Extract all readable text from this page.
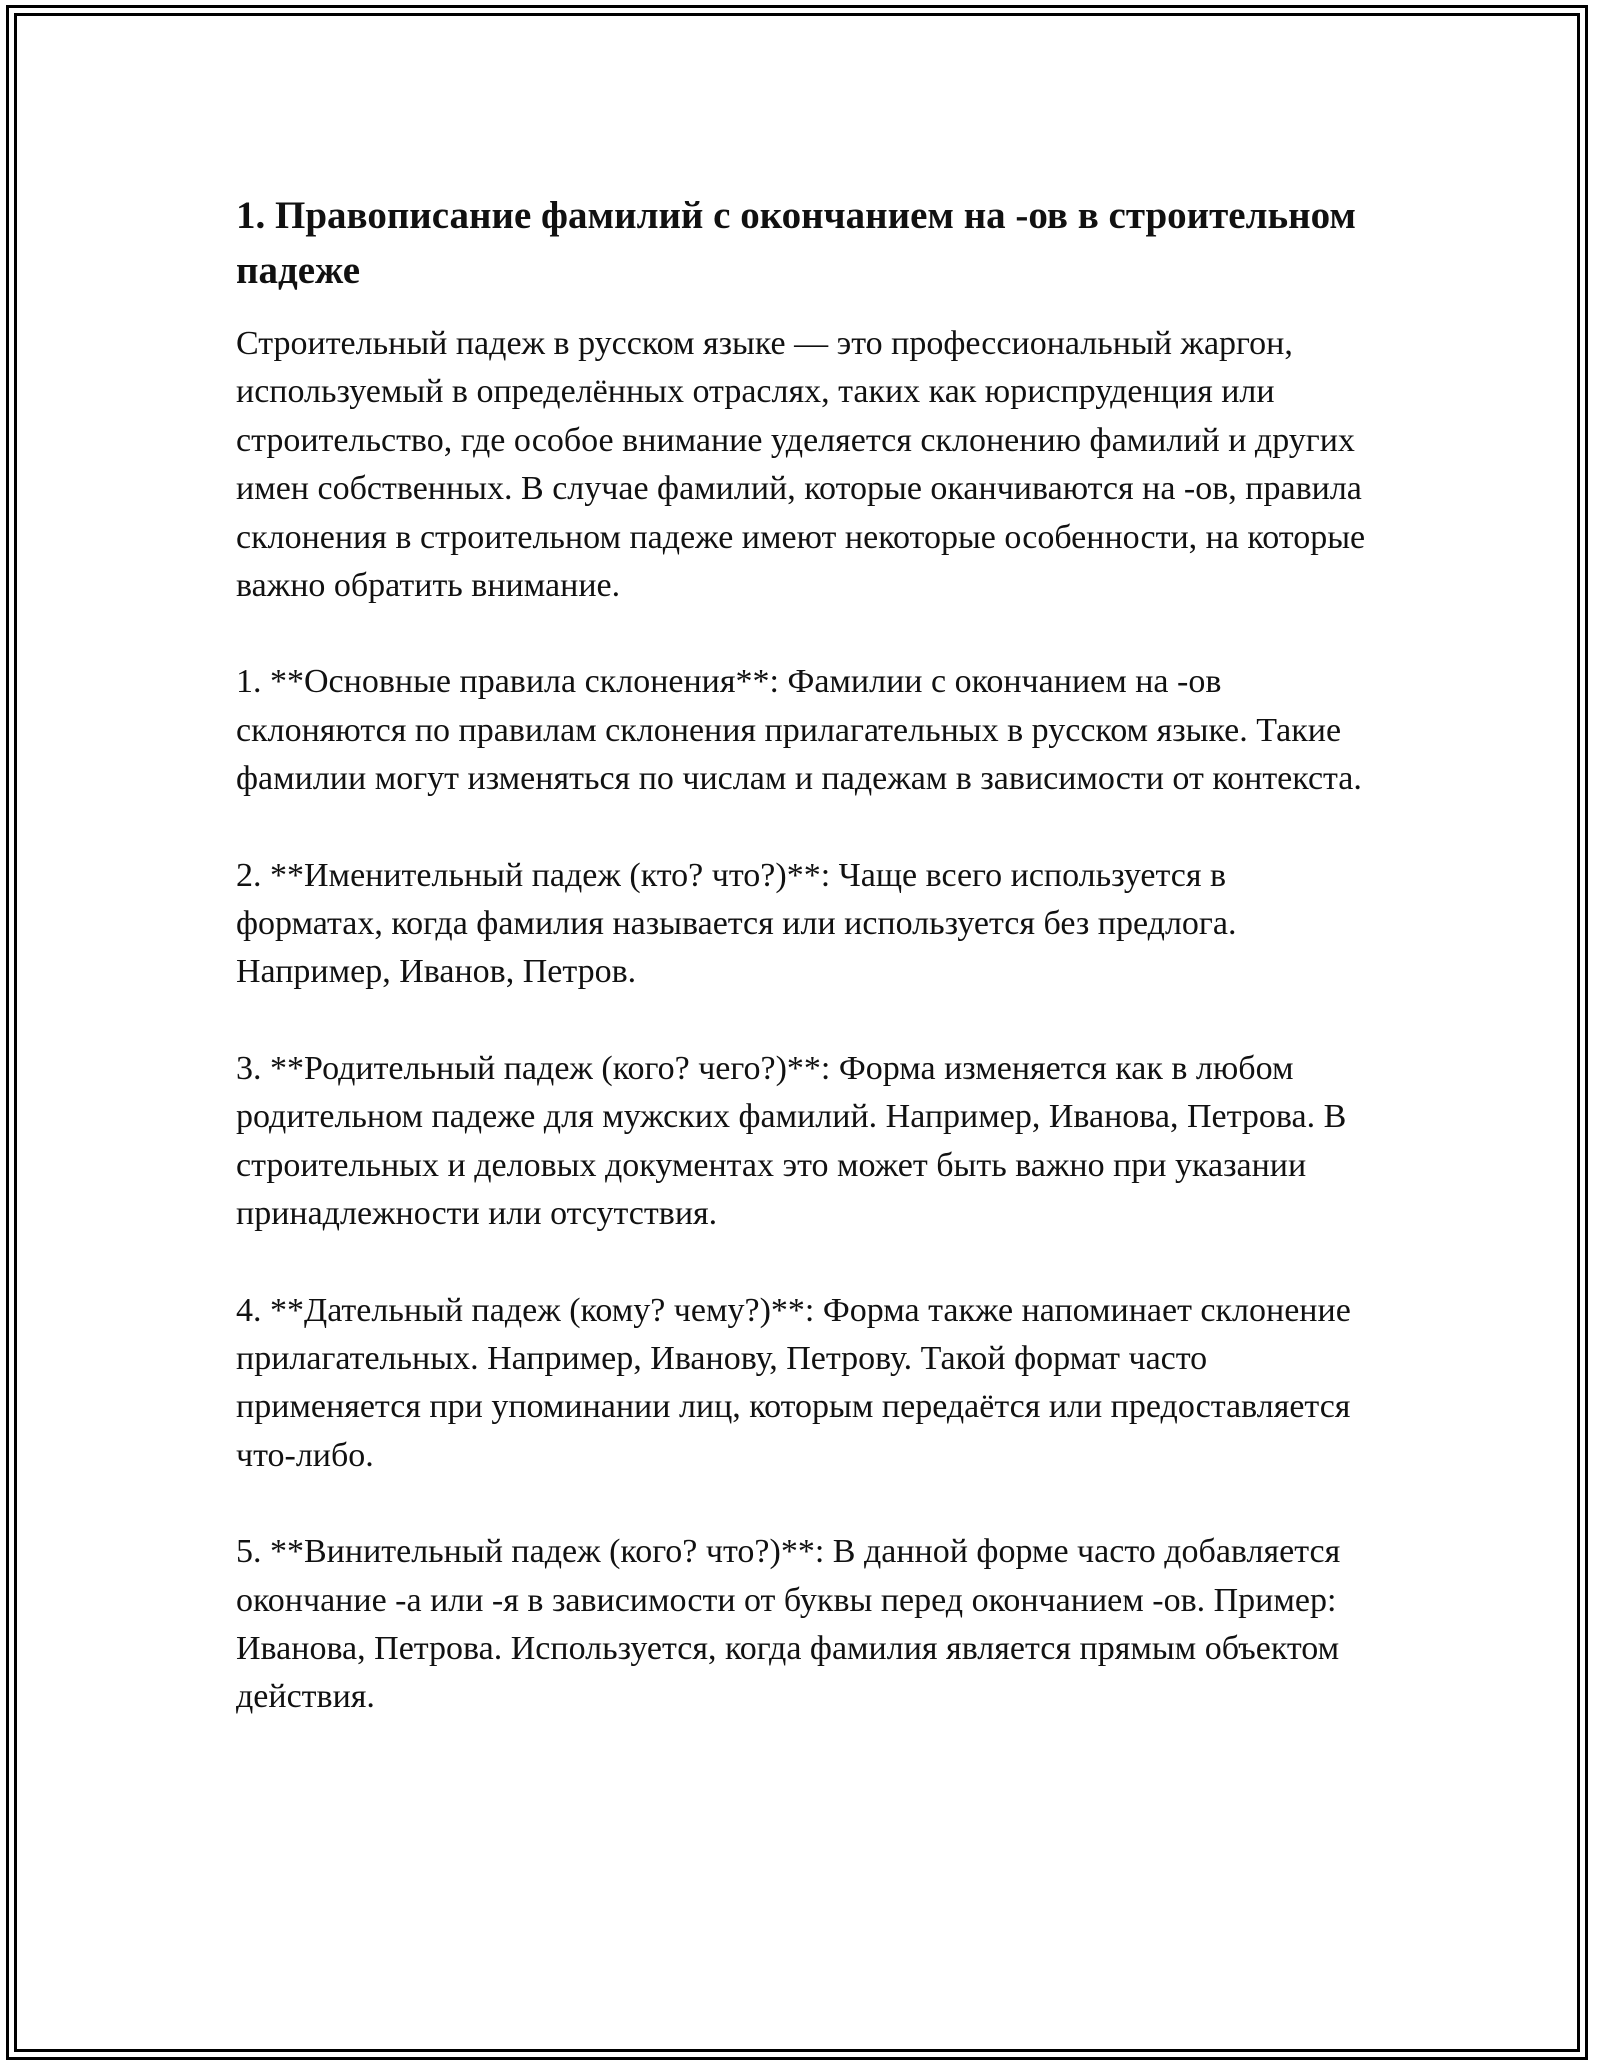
1. Правописание фамилий с окончанием на -ов в строительном падеже

Строительный падеж в русском языке — это профессиональный жаргон, используемый в определённых отраслях, таких как юриспруденция или строительство, где особое внимание уделяется склонению фамилий и других имен собственных. В случае фамилий, которые оканчиваются на -ов, правила склонения в строительном падеже имеют некоторые особенности, на которые важно обратить внимание.

1. **Основные правила склонения**: Фамилии с окончанием на -ов склоняются по правилам склонения прилагательных в русском языке. Такие фамилии могут изменяться по числам и падежам в зависимости от контекста.

2. **Именительный падеж (кто? что?)**: Чаще всего используется в форматах, когда фамилия называется или используется без предлога. Например, Иванов, Петров.

3. **Родительный падеж (кого? чего?)**: Форма изменяется как в любом родительном падеже для мужских фамилий. Например, Иванова, Петрова. В строительных и деловых документах это может быть важно при указании принадлежности или отсутствия.

4. **Дательный падеж (кому? чему?)**: Форма также напоминает склонение прилагательных. Например, Иванову, Петрову. Такой формат часто применяется при упоминании лиц, которым передаётся или предоставляется что-либо.

5. **Винительный падеж (кого? что?)**: В данной форме часто добавляется окончание -а или -я в зависимости от буквы перед окончанием -ов. Пример: Иванова, Петрова. Используется, когда фамилия является прямым объектом действия.
